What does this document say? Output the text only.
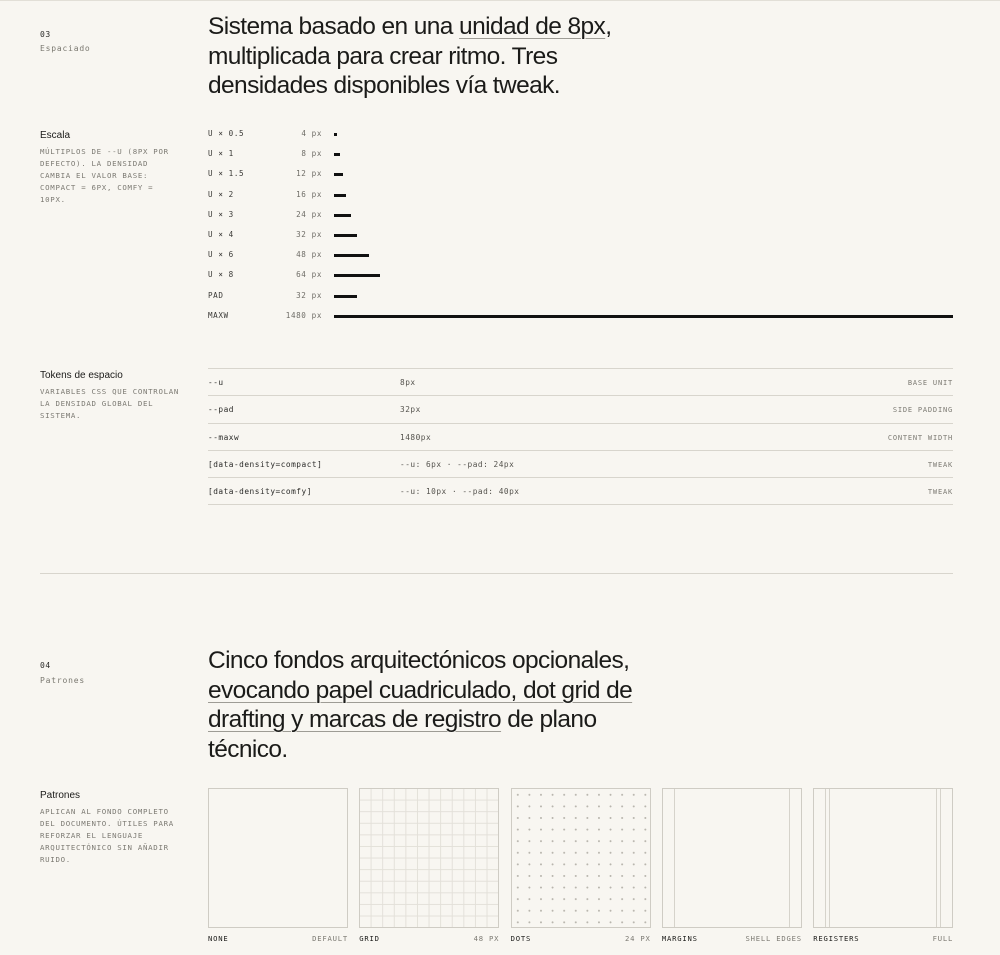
03
Espaciado
Sistema basado en una unidad de 8px, multiplicada para crear ritmo. Tres densidades disponibles vía tweak.
Escala
MÚLTIPLOS DE --U (8PX POR DEFECTO). LA DENSIDAD CAMBIA EL VALOR BASE: COMPACT = 6PX, COMFY = 10PX.
U × 0.5	4 px
U × 1	8 px
U × 1.5	12 px
U × 2	16 px
U × 3	24 px
U × 4	32 px
U × 6	48 px
U × 8	64 px
PAD	32 px
MAXW	1480 px
Tokens de espacio
VARIABLES CSS QUE CONTROLAN LA DENSIDAD GLOBAL DEL SISTEMA.
--u	8px	BASE UNIT
--pad	32px	SIDE PADDING
--maxw	1480px	CONTENT WIDTH
[data-density=compact]	--u: 6px · --pad: 24px	TWEAK
[data-density=comfy]	--u: 10px · --pad: 40px	TWEAK
04
Patrones
Cinco fondos arquitectónicos opcionales, evocando papel cuadriculado, dot grid de drafting y marcas de registro de plano técnico.
Patrones
APLICAN AL FONDO COMPLETO DEL DOCUMENTO. ÚTILES PARA REFORZAR EL LENGUAJE ARQUITECTÓNICO SIN AÑADIR RUIDO.
NONE	DEFAULT GRID	48 PX DOTS	24 PX MARGINS	SHELL EDGES REGISTERS	FULL
